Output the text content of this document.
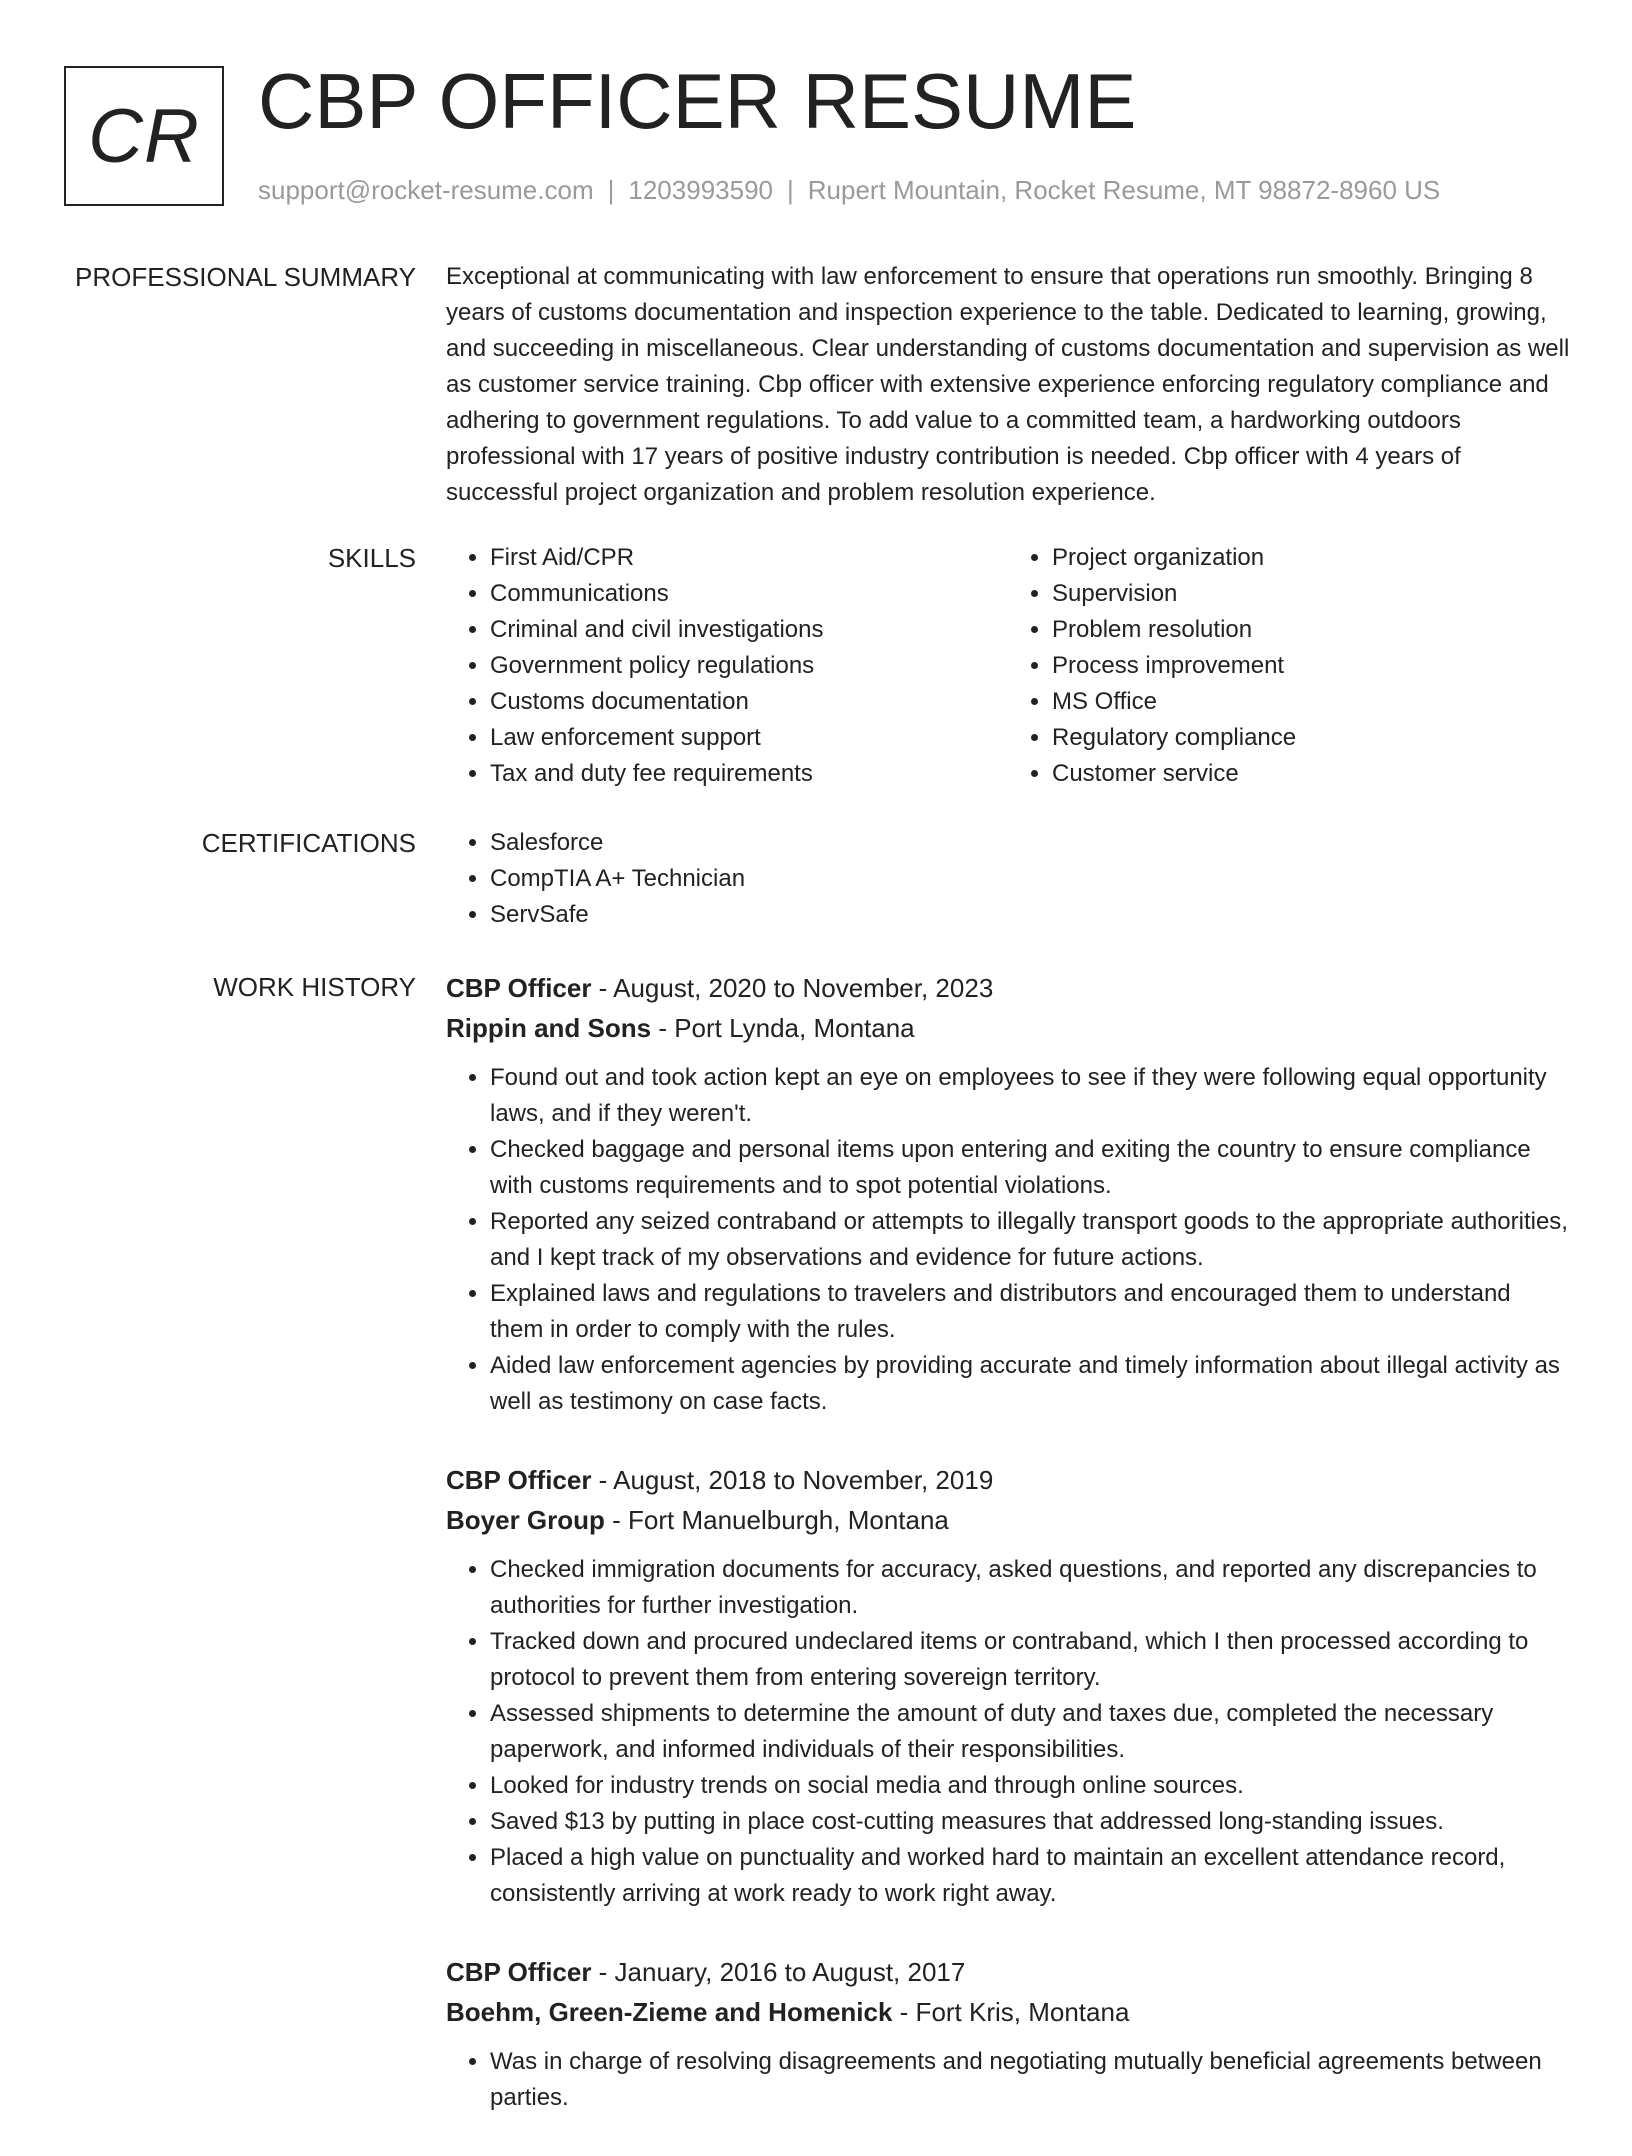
CR CBP OFFICER RESUME
support@rocket-resume.com | 1203993590 | Rupert Mountain, Rocket Resume, MT 98872-8960 US
PROFESSIONAL SUMMARY Exceptional at communicating with law enforcement to ensure that operations run smoothly. Bringing 8 years of customs documentation and inspection experience to the table. Dedicated to learning, growing, and succeeding in miscellaneous. Clear understanding of customs documentation and supervision as well as customer service training. Cbp officer with extensive experience enforcing regulatory compliance and adhering to government regulations. To add value to a committed team, a hardworking outdoors professional with 17 years of positive industry contribution is needed. Cbp officer with 4 years of successful project organization and problem resolution experience.

SKILLS	• First Aid/CPR
• Communications
• Criminal and civil investigations
• Government policy regulations
• Customs documentation
• Law enforcement support
• Tax and duty fee requirements
• Project organization
• Supervision
• Problem resolution
• Process improvement
• MS Office
• Regulatory compliance
• Customer service
CERTIFICATIONS	• Salesforce
• CompTIA A+ Technician
• ServSafe
WORK HISTORY CBP Officer - August, 2020 to November, 2023
Rippin and Sons - Port Lynda, Montana
• Found out and took action kept an eye on employees to see if they were following equal opportunity laws, and if they weren't.
• Checked baggage and personal items upon entering and exiting the country to ensure compliance with customs requirements and to spot potential violations.
• Reported any seized contraband or attempts to illegally transport goods to the appropriate authorities, and I kept track of my observations and evidence for future actions.
• Explained laws and regulations to travelers and distributors and encouraged them to understand them in order to comply with the rules.
• Aided law enforcement agencies by providing accurate and timely information about illegal activity as well as testimony on case facts.
CBP Officer - August, 2018 to November, 2019
Boyer Group - Fort Manuelburgh, Montana
• Checked immigration documents for accuracy, asked questions, and reported any discrepancies to authorities for further investigation.
• Tracked down and procured undeclared items or contraband, which I then processed according to protocol to prevent them from entering sovereign territory.
• Assessed shipments to determine the amount of duty and taxes due, completed the necessary paperwork, and informed individuals of their responsibilities.
• Looked for industry trends on social media and through online sources.
• Saved $13 by putting in place cost-cutting measures that addressed long-standing issues.
• Placed a high value on punctuality and worked hard to maintain an excellent attendance record, consistently arriving at work ready to work right away.
CBP Officer - January, 2016 to August, 2017
Boehm, Green-Zieme and Homenick - Fort Kris, Montana
• Was in charge of resolving disagreements and negotiating mutually beneficial agreements between parties.
